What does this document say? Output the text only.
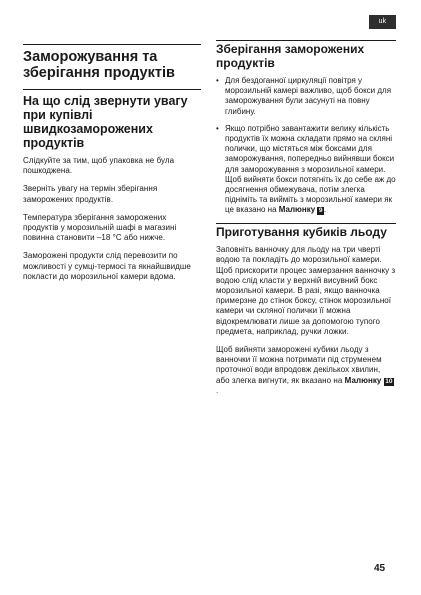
uk
Заморожування та зберігання продуктів
На що слід звернути увагу при купівлі швидкозаморожених продуктів

Слідкуйте за тим, щоб упаковка не була пошкоджена.

Зверніть увагу на термін зберігання заморожених продуктів.

Температура зберігання заморожених продуктів у морозильній шафі в магазині повинна становити –18 °С або нижче.

Заморожені продукти слід перевозити по можливості у сумці-термосі та якнайшвидше покласти до морозильної камери вдома.

Зберігання заморожених продуктів
• Для бездоганної циркуляції повітря у морозильній камері важливо, щоб бокси для заморожування були засунуті на повну глибину.
• Якщо потрібно завантажити велику кількість продуктів їх можна складати прямо на скляні полички, що містяться між боксами для заморожування, попередньо вийнявши бокси для заморожування з морозильної камери. Щоб вийняти бокси потягніть їх до себе аж до досягнення обмежувача, потім злегка підніміть та вийміть з морозильної камери як це вказано на Малюнку 9 .
Приготування кубиків льоду

Заповніть ванночку для льоду на три чверті водою та покладіть до морозильної камери. Щоб прискорити процес замерзання ванночку з водою слід класти у верхній висувний бокс морозильної камери. В разі, якщо ванночка примерзне до стінок боксу, стінок морозильної камери чи скляної полички її можна відокремлювати лише за допомогою тупого предмета, наприклад, ручки ложки.

Щоб вийняти заморожені кубики льоду з ванночки її можна потримати під струменем проточної води впродовж декількох хвилин, або злегка вигнути, як вказано на Малюнку 10.

45
